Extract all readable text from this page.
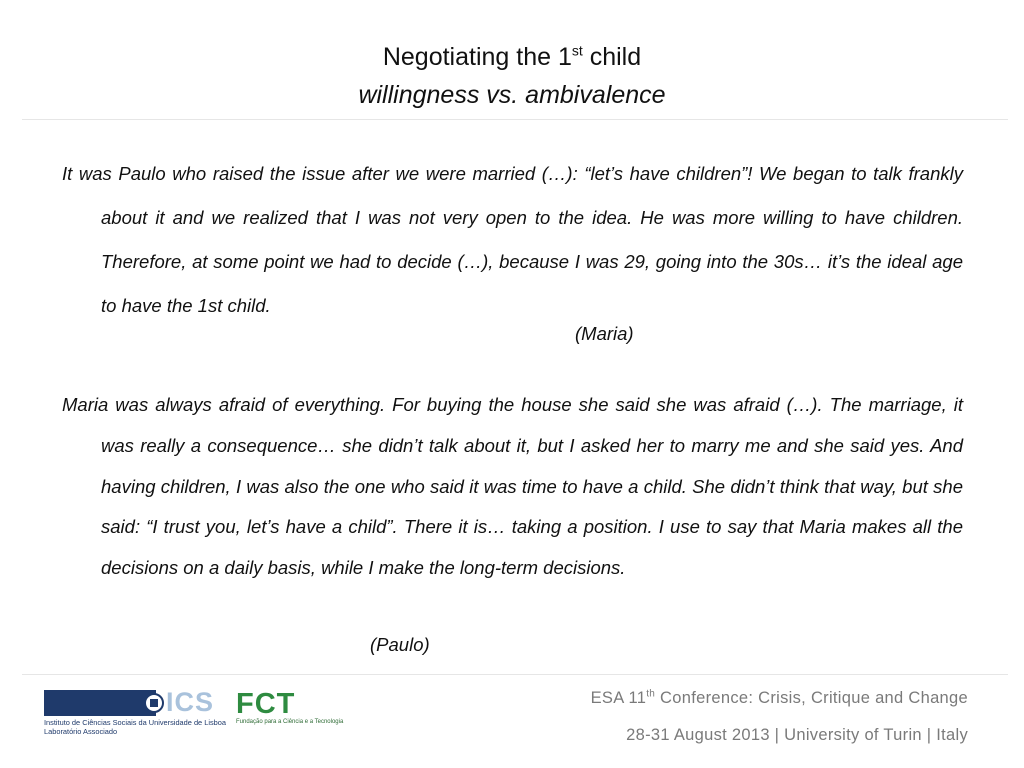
Negotiating the 1st child
willingness vs. ambivalence
It was Paulo who raised the issue after we were married (…): “let’s have children”! We began to talk frankly about it and we realized that I was not very open to the idea. He was more willing to have children. Therefore, at some point we had to decide (…), because I was 29, going into the 30s… it’s the ideal age to have the 1st child.
(Maria)
Maria was always afraid of everything. For buying the house she said she was afraid (…). The marriage, it was really a consequence… she didn’t talk about it, but I asked her to marry me and she said yes. And having children, I was also the one who said it was time to have a child. She didn’t think that way, but she said: “I trust you, let’s have a child”. There it is… taking a position. I use to say that Maria makes all the decisions on a daily basis, while I make the long-term decisions.
(Paulo)
ICS
Instituto de Ciências Sociais da Universidade de Lisboa
Laboratório Associado
FCT
Fundação para a Ciência e a Tecnologia
ESA 11th Conference: Crisis, Critique and Change
28-31 August 2013 | University of Turin | Italy
